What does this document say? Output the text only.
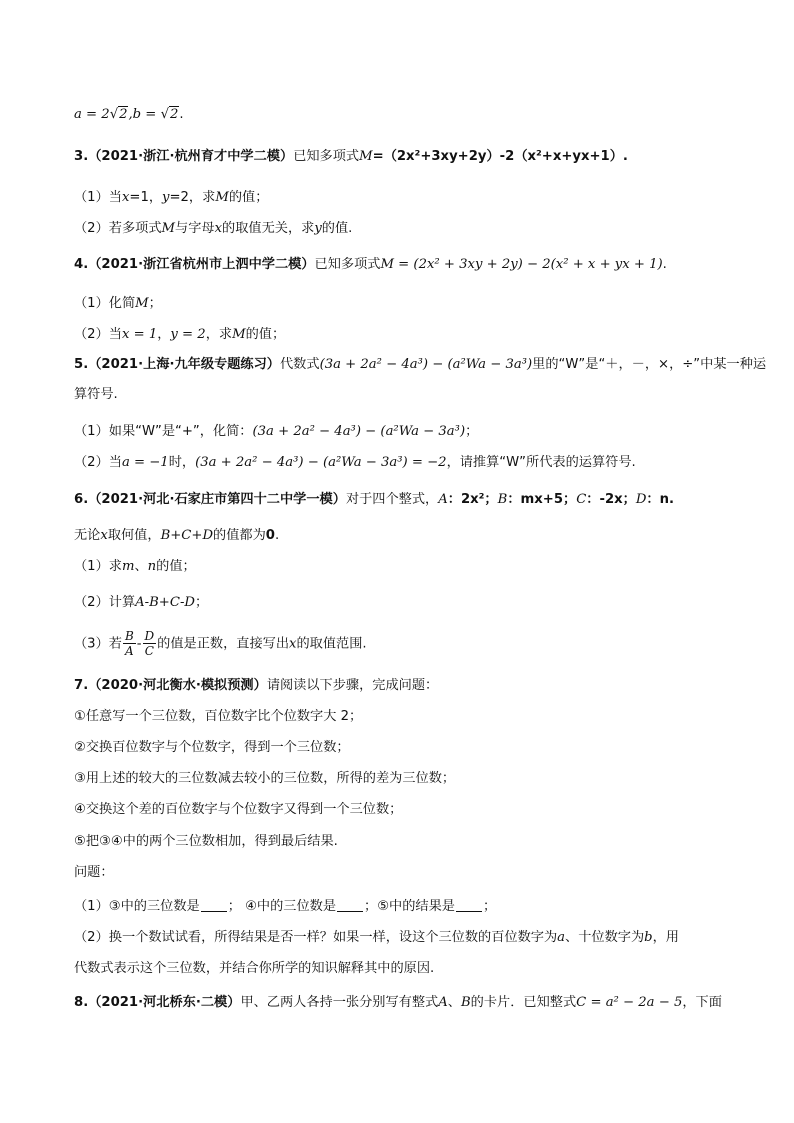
a = 2√2,b = √2.
3.（2021·浙江·杭州育才中学二模）已知多项式M=（2x²+3xy+2y）-2（x²+x+yx+1）.
（1）当x=1，y=2，求M的值；
（2）若多项式M与字母x的取值无关，求y的值.
4.（2021·浙江省杭州市上泗中学二模）已知多项式M = (2x² + 3xy + 2y) − 2(x² + x + yx + 1).
（1）化简M；
（2）当x = 1，y = 2，求M的值；
5.（2021·上海·九年级专题练习）代数式(3a + 2a² − 4a³) − (a²Wa − 3a³)里的“W”是“＋，－，×，÷”中某一种运
算符号.
（1）如果“W”是“+”，化简：(3a + 2a² − 4a³) − (a²Wa − 3a³)；
（2）当a = −1时，(3a + 2a² − 4a³) − (a²Wa − 3a³) = −2，请推算“W”所代表的运算符号.
6.（2021·河北·石家庄市第四十二中学一模）对于四个整式，A：2x²；B：mx+5；C：-2x；D：n.
无论x取何值，B+C+D的值都为0.
（1）求m、n的值；
（2）计算A-B+C-D；
（3）若 $\frac{B}{A} - \frac{D}{C}$ 的值是正数，直接写出x的取值范围.
7.（2020·河北衡水·模拟预测）请阅读以下步骤，完成问题：
①任意写一个三位数，百位数字比个位数字大 2；
②交换百位数字与个位数字，得到一个三位数；
③用上述的较大的三位数减去较小的三位数，所得的差为三位数；
④交换这个差的百位数字与个位数字又得到一个三位数；
⑤把③④中的两个三位数相加，得到最后结果.
问题：
（1）③中的三位数是 ； ④中的三位数是 ；⑤中的结果是 ；
（2）换一个数试试看，所得结果是否一样？如果一样，设这个三位数的百位数字为a、十位数字为b，用
代数式表示这个三位数，并结合你所学的知识解释其中的原因.
8.（2021·河北桥东·二模）甲、乙两人各持一张分别写有整式A、B的卡片．已知整式C = a² − 2a − 5，下面
